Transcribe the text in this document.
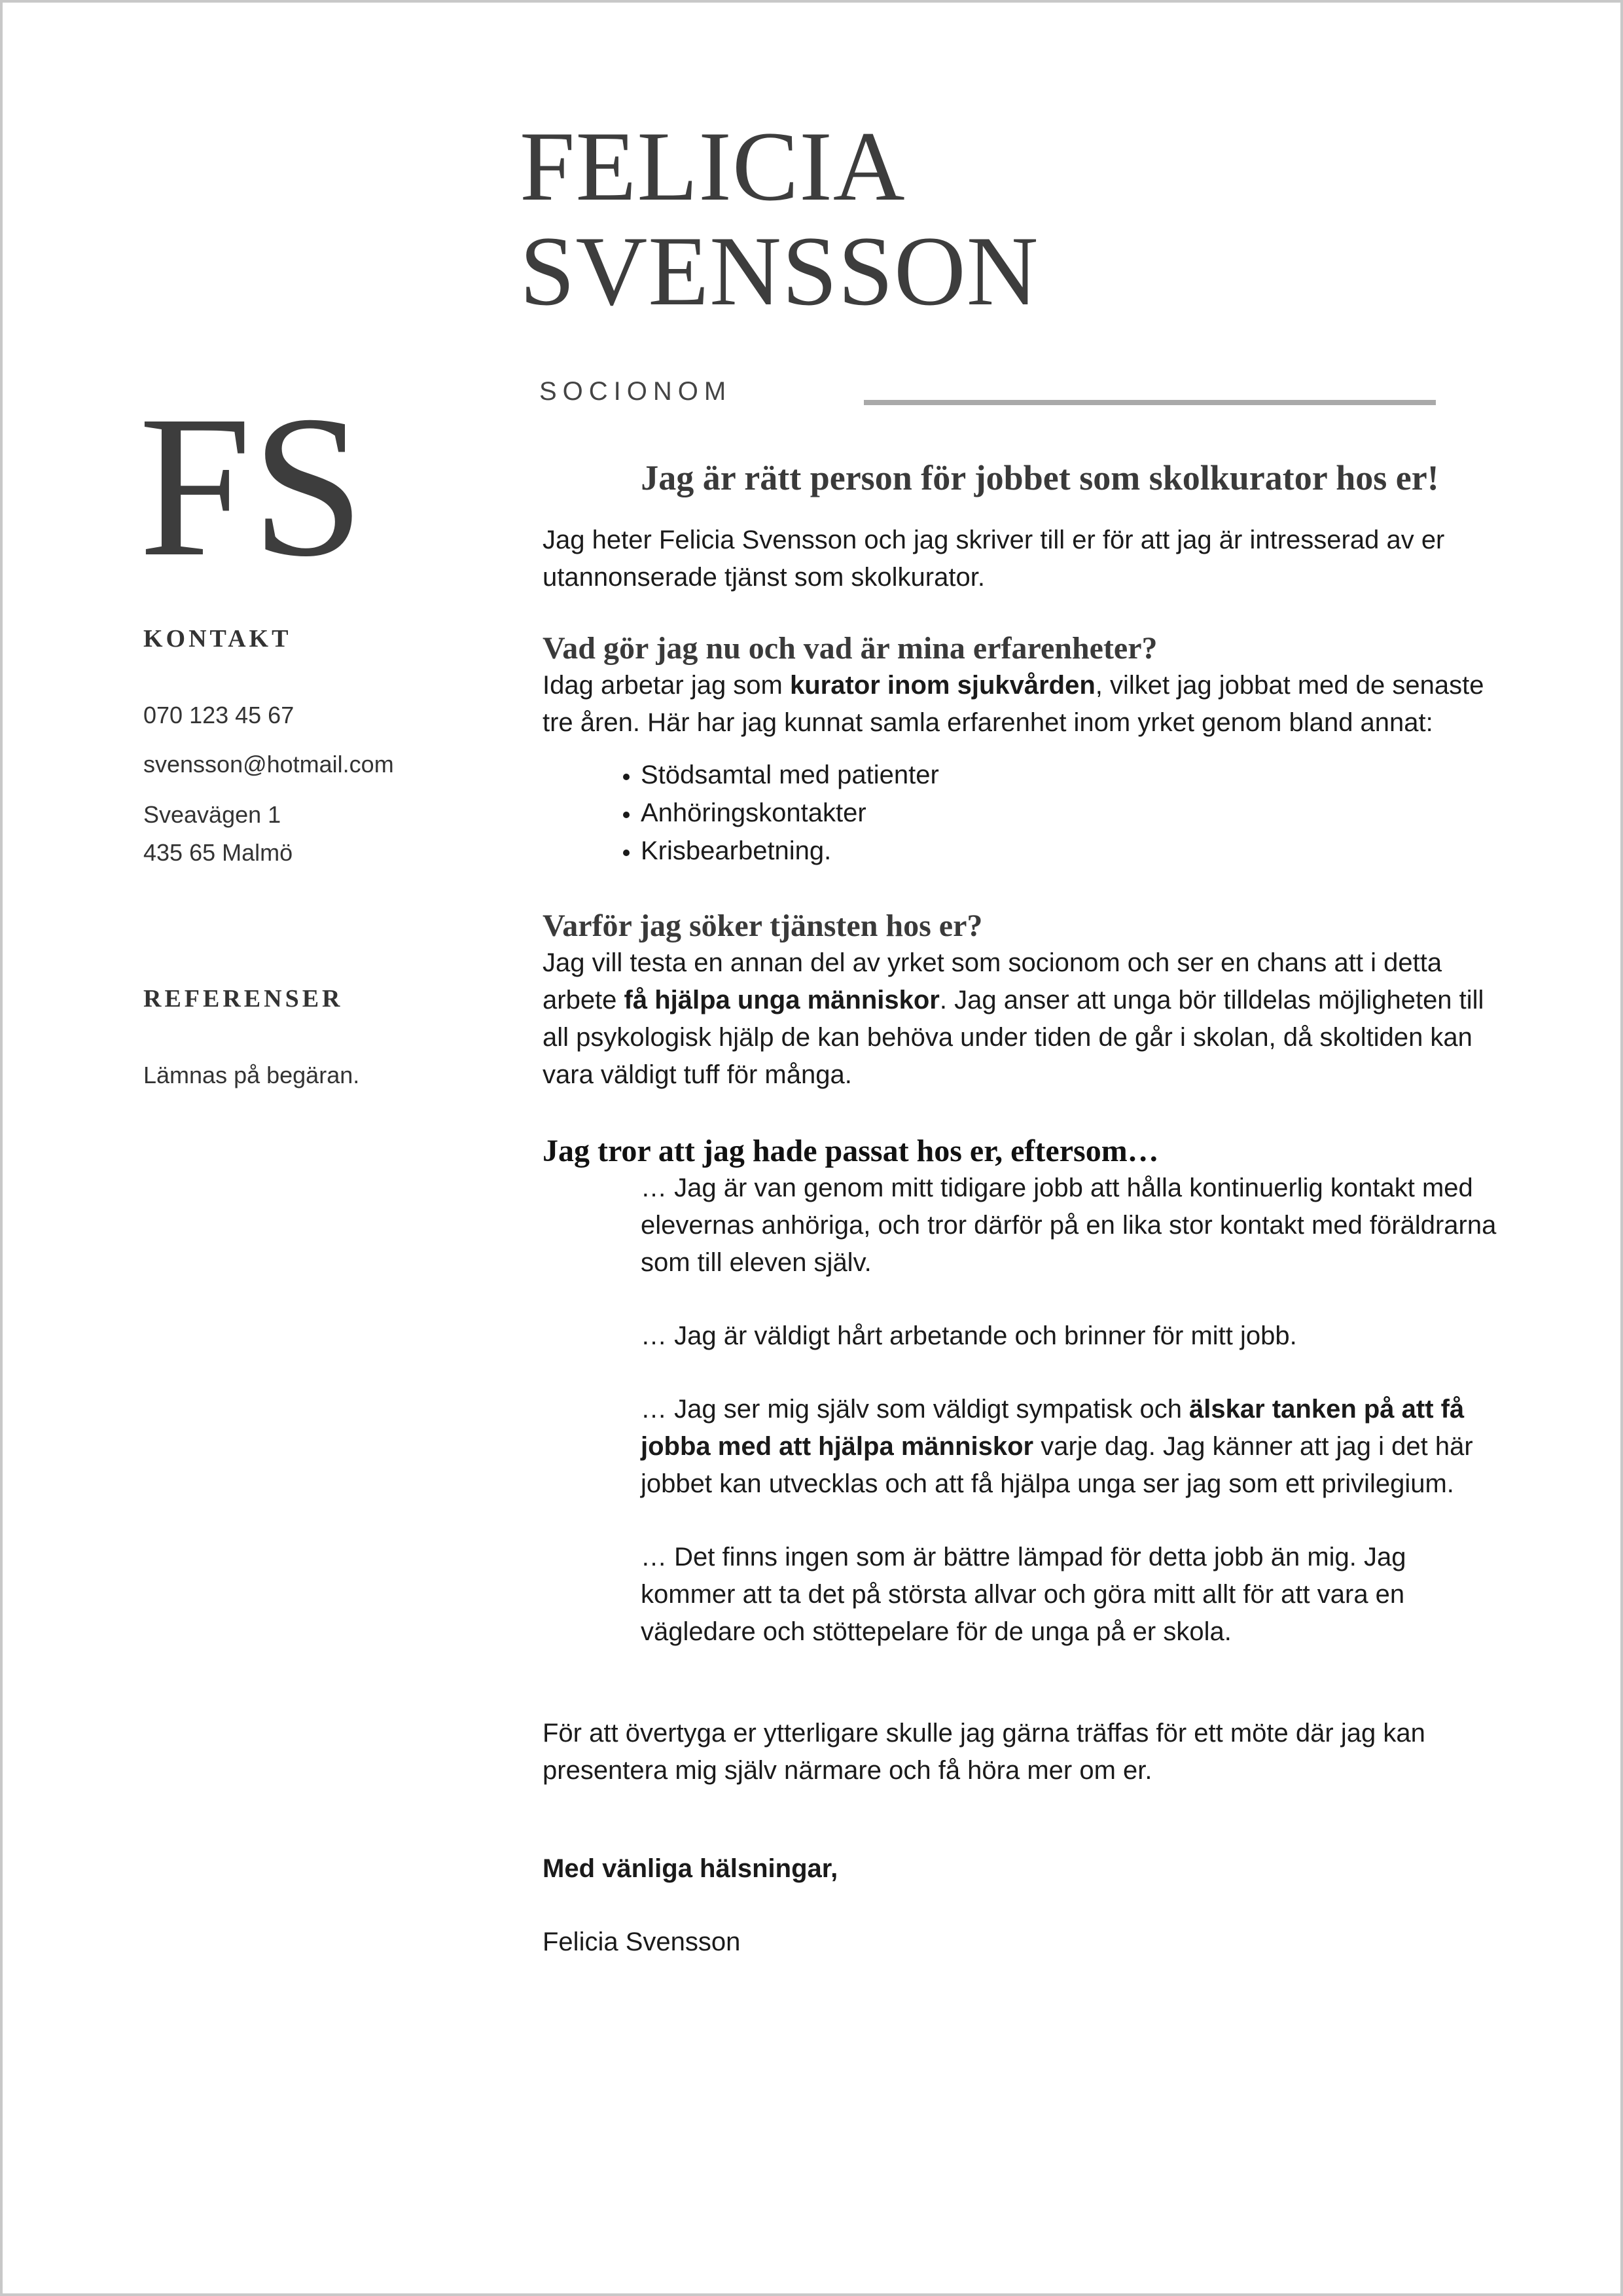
FELICIA
SVENSSON
SOCIONOM
FS
KONTAKT
070 123 45 67
svensson@hotmail.com
Sveavägen 1
435 65 Malmö
REFERENSER
Lämnas på begäran.
Jag är rätt person för jobbet som skolkurator hos er!

Jag heter Felicia Svensson och jag skriver till er för att jag är intresserad av er utannonserade tjänst som skolkurator.

Vad gör jag nu och vad är mina erfarenheter?

Idag arbetar jag som kurator inom sjukvården, vilket jag jobbat med de senaste tre åren. Här har jag kunnat samla erfarenhet inom yrket genom bland annat:

• Stödsamtal med patienter
• Anhöringskontakter
• Krisbearbetning.
Varför jag söker tjänsten hos er?

Jag vill testa en annan del av yrket som socionom och ser en chans att i detta arbete få hjälpa unga människor. Jag anser att unga bör tilldelas möjligheten till all psykologisk hjälp de kan behöva under tiden de går i skolan, då skoltiden kan vara väldigt tuff för många.

Jag tror att jag hade passat hos er, eftersom…

… Jag är van genom mitt tidigare jobb att hålla kontinuerlig kontakt med elevernas anhöriga, och tror därför på en lika stor kontakt med föräldrarna som till eleven själv.

… Jag är väldigt hårt arbetande och brinner för mitt jobb.

… Jag ser mig själv som väldigt sympatisk och älskar tanken på att få jobba med att hjälpa människor varje dag. Jag känner att jag i det här jobbet kan utvecklas och att få hjälpa unga ser jag som ett privilegium.

… Det finns ingen som är bättre lämpad för detta jobb än mig. Jag kommer att ta det på största allvar och göra mitt allt för att vara en vägledare och stöttepelare för de unga på er skola.

För att övertyga er ytterligare skulle jag gärna träffas för ett möte där jag kan presentera mig själv närmare och få höra mer om er.

Med vänliga hälsningar,

Felicia Svensson
